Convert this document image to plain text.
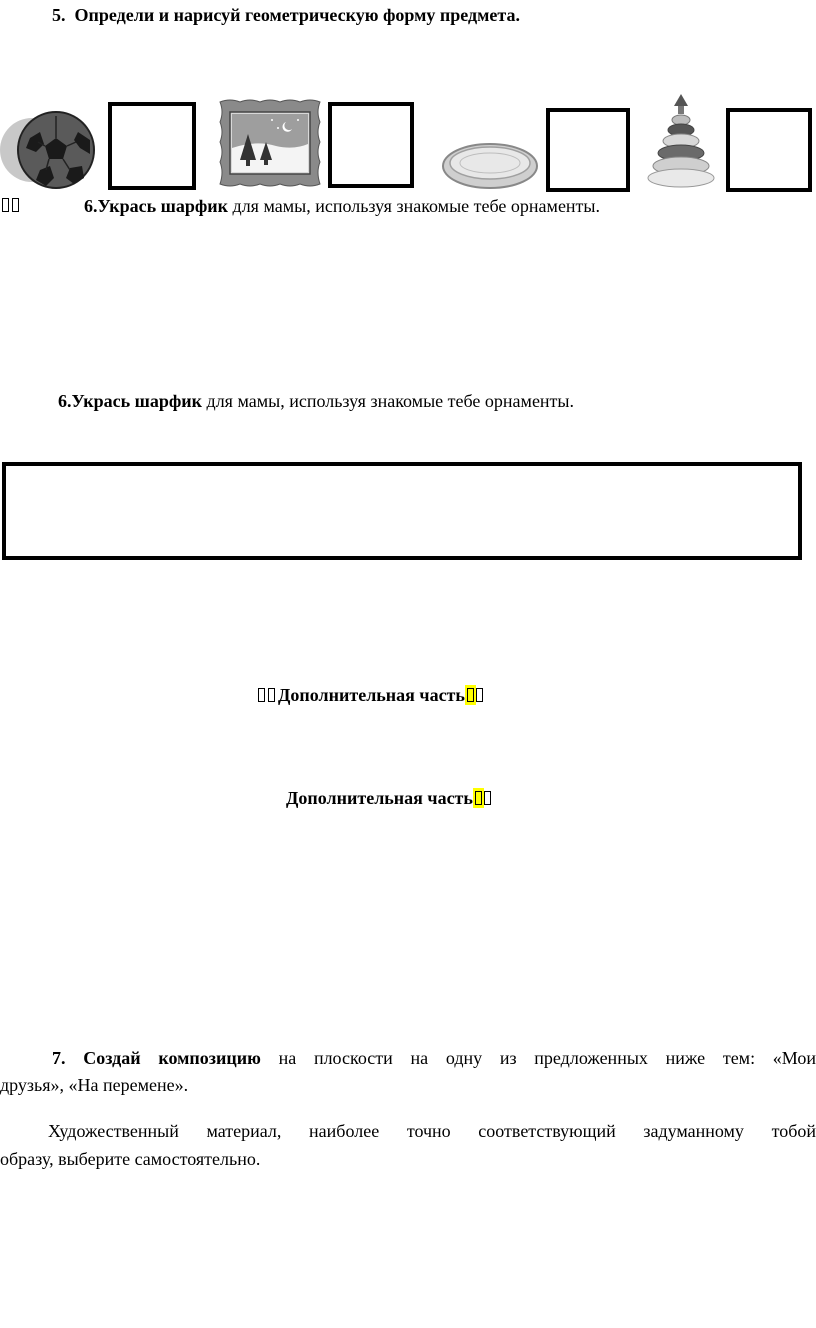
5. Определи и нарисуй геометрическую форму предмета.
6.Укрась шарфик для мамы, используя знакомые тебе орнаменты.
6.Укрась шарфик для мамы, используя знакомые тебе орнаменты.
Дополнительная часть
Дополнительная часть
7. Создай композицию на плоскости на одну из предложенных ниже тем: «Мои
друзья», «На перемене».
Художественный материал, наиболее точно соответствующий задуманному тобой
образу, выберите самостоятельно.
